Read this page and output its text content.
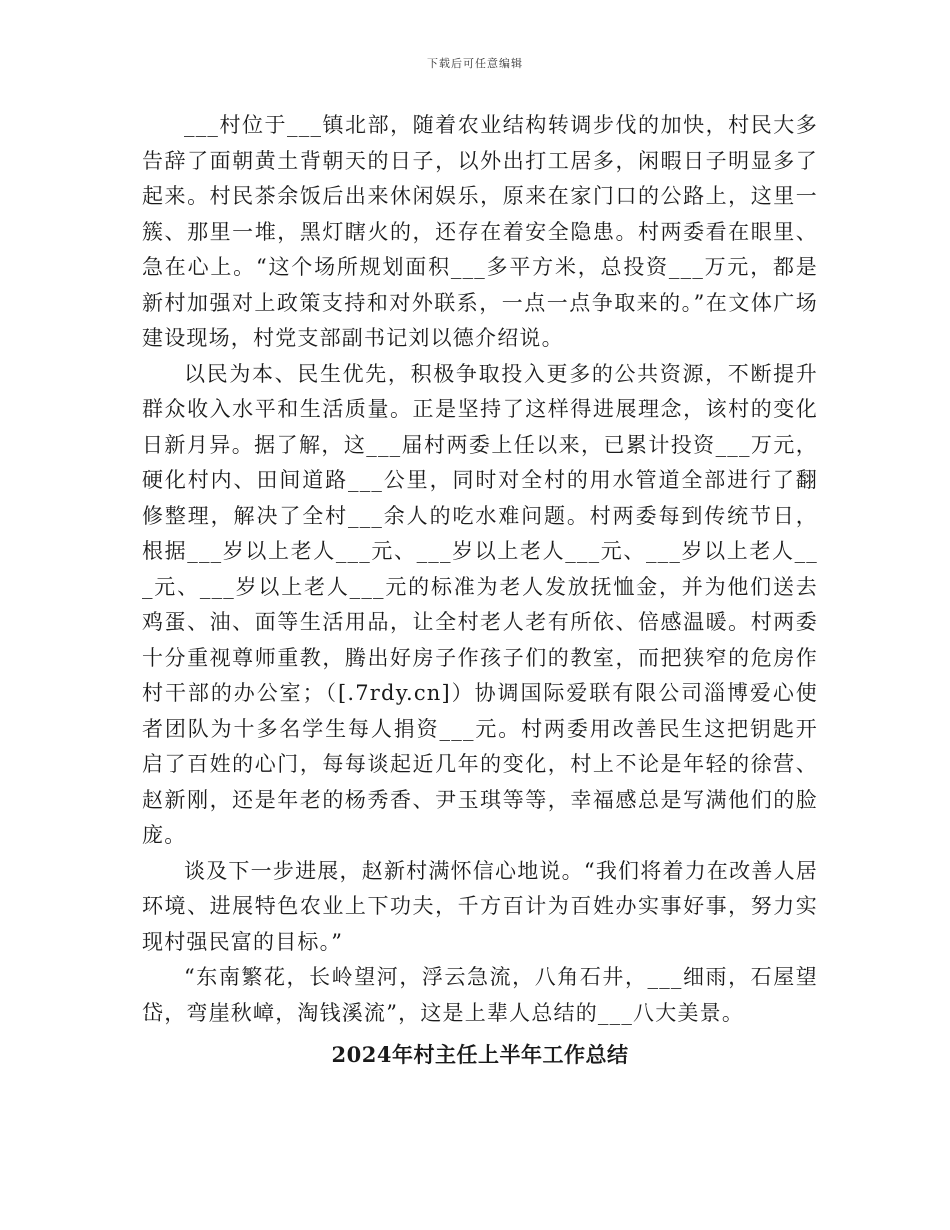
下载后可任意编辑

___村位于___镇北部，随着农业结构转调步伐的加快，村民大多告辞了面朝黄土背朝天的日子，以外出打工居多，闲暇日子明显多了起来。村民茶余饭后出来休闲娱乐，原来在家门口的公路上，这里一簇、那里一堆，黑灯瞎火的，还存在着安全隐患。村两委看在眼里、急在心上。“这个场所规划面积___多平方米，总投资___万元，都是新村加强对上政策支持和对外联系，一点一点争取来的。”在文体广场建设现场，村党支部副书记刘以德介绍说。

以民为本、民生优先，积极争取投入更多的公共资源，不断提升群众收入水平和生活质量。正是坚持了这样得进展理念，该村的变化日新月异。据了解，这___届村两委上任以来，已累计投资___万元，硬化村内、田间道路___公里，同时对全村的用水管道全部进行了翻修整理，解决了全村___余人的吃水难问题。村两委每到传统节日，根据___岁以上老人___元、___岁以上老人___元、___岁以上老人___元、___岁以上老人___元的标准为老人发放抚恤金，并为他们送去鸡蛋、油、面等生活用品，让全村老人老有所依、倍感温暖。村两委十分重视尊师重教，腾出好房子作孩子们的教室，而把狭窄的危房作村干部的办公室；（[.7rdy.cn]）协调国际爱联有限公司淄博爱心使者团队为十多名学生每人捐资___元。村两委用改善民生这把钥匙开启了百姓的心门，每每谈起近几年的变化，村上不论是年轻的徐营、赵新刚，还是年老的杨秀香、尹玉琪等等，幸福感总是写满他们的脸庞。

谈及下一步进展，赵新村满怀信心地说。“我们将着力在改善人居环境、进展特色农业上下功夫，千方百计为百姓办实事好事，努力实现村强民富的目标。”

“东南繁花，长岭望河，浮云急流，八角石井，___细雨，石屋望岱，弯崖秋嶂，淘钱溪流”，这是上辈人总结的___八大美景。

2024年村主任上半年工作总结
